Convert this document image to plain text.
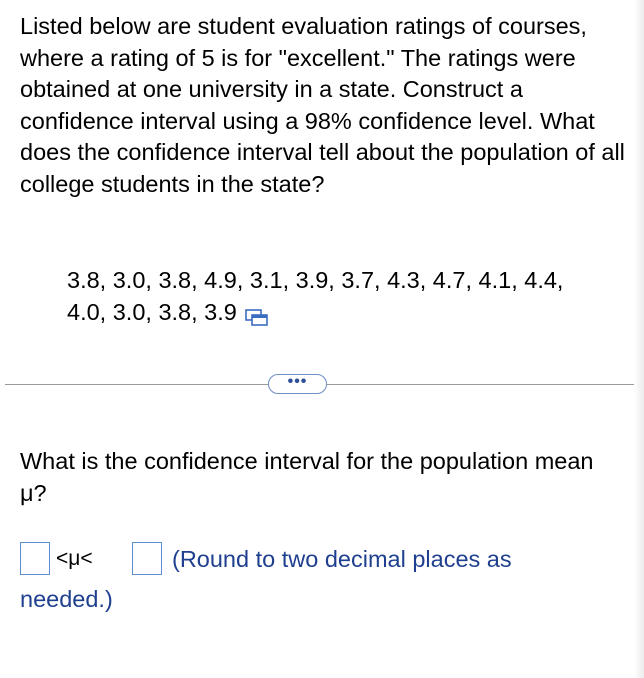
Listed below are student evaluation ratings of courses, where a rating of 5 is for "excellent." The ratings were obtained at one university in a state. Construct a confidence interval using a 98% confidence level. What does the confidence interval tell about the population of all college students in the state?

3.8, 3.0, 3.8, 4.9, 3.1, 3.9, 3.7, 4.3, 4.7, 4.1, 4.4,
4.0, 3.0, 3.8, 3.9
•••
What is the confidence interval for the population mean μ?
<μ<	(Round to two decimal places as
needed.)
